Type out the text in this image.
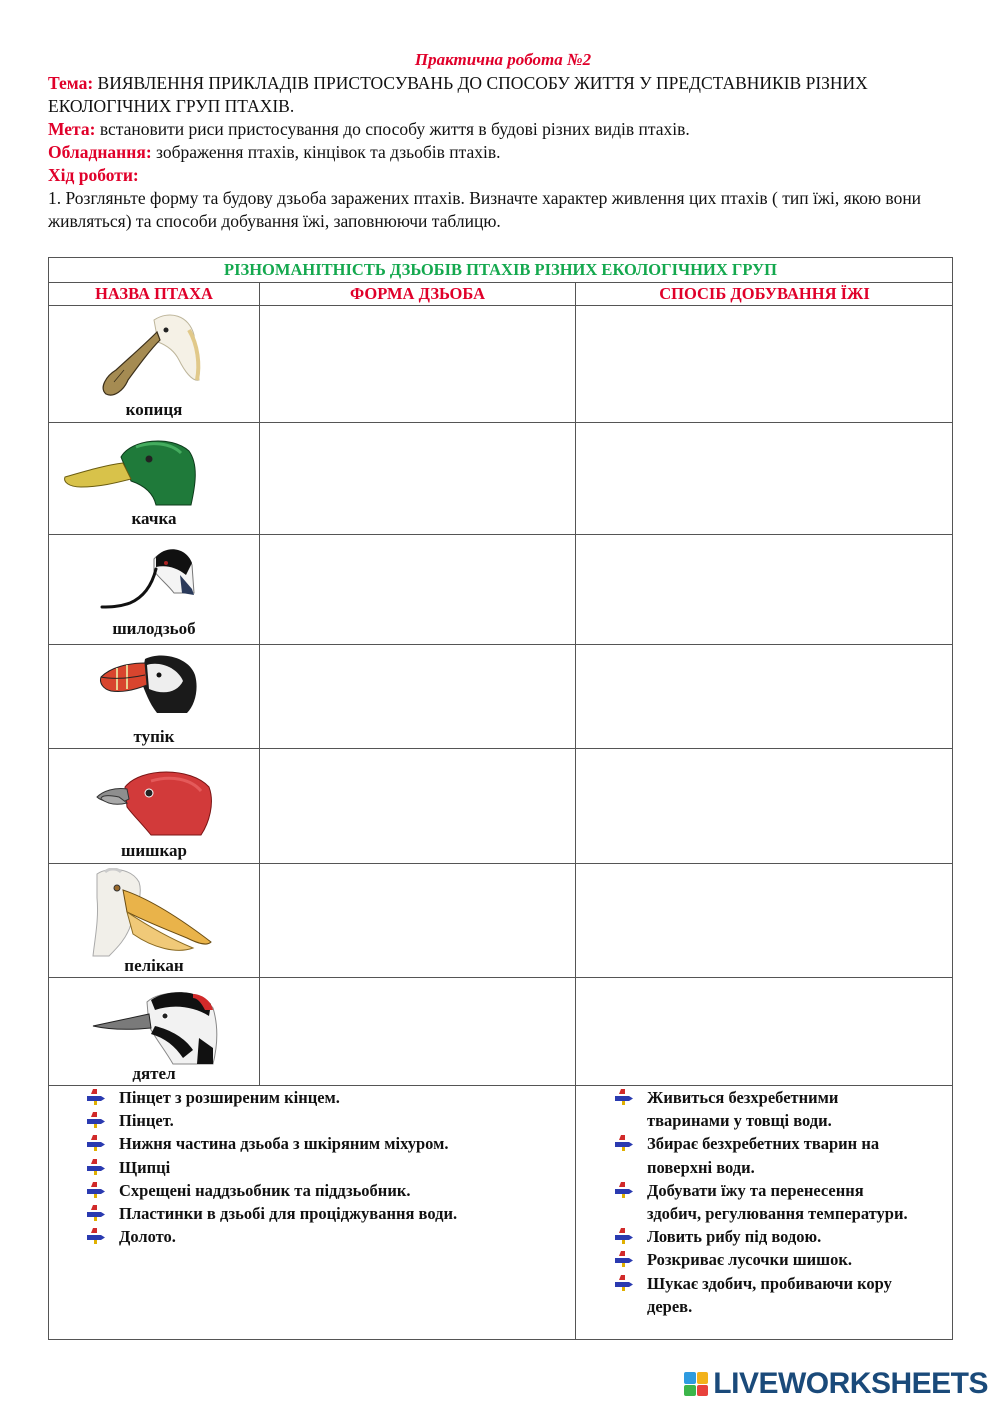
Практична робота №2

Тема: ВИЯВЛЕННЯ ПРИКЛАДІВ ПРИСТОСУВАНЬ ДО СПОСОБУ ЖИТТЯ У ПРЕДСТАВНИКІВ РІЗНИХ ЕКОЛОГІЧНИХ ГРУП ПТАХІВ.

Мета: встановити риси пристосування до способу життя в будові різних видів птахів.

Обладнання: зображення птахів, кінцівок та дзьобів птахів.

Хід роботи:

1. Розгляньте форму та будову дзьоба заражених птахів. Визначте характер живлення цих птахів ( тип їжі, якою вони живляться) та способи добування їжі, заповнюючи таблицю.

РІЗНОМАНІТНІСТЬ ДЗЬОБІВ ПТАХІВ РІЗНИХ ЕКОЛОГІЧНИХ ГРУП
НАЗВА ПТАХА	ФОРМА ДЗЬОБА	СПОСІБ ДОБУВАННЯ ЇЖІ
копиця
качка
шилодзьоб
тупік
шишкар
пелікан
дятел
Пінцет з розширеним кінцем.
Пінцет.
Нижня частина дзьоба з шкіряним міхуром.
Щипці
Схрещені наддзьобник та піддзьобник.
Пластинки в дзьобі для проціджування води.
Долото.
Живиться безхребетними тваринами у товщі води.
Збирає безхребетних тварин на поверхні води.
Добувати їжу та перенесення здобич, регулювання температури.
Ловить рибу під водою.
Розкриває лусочки шишок.
Шукає здобич, пробиваючи кору дерев.
LIVEWORKSHEETS
